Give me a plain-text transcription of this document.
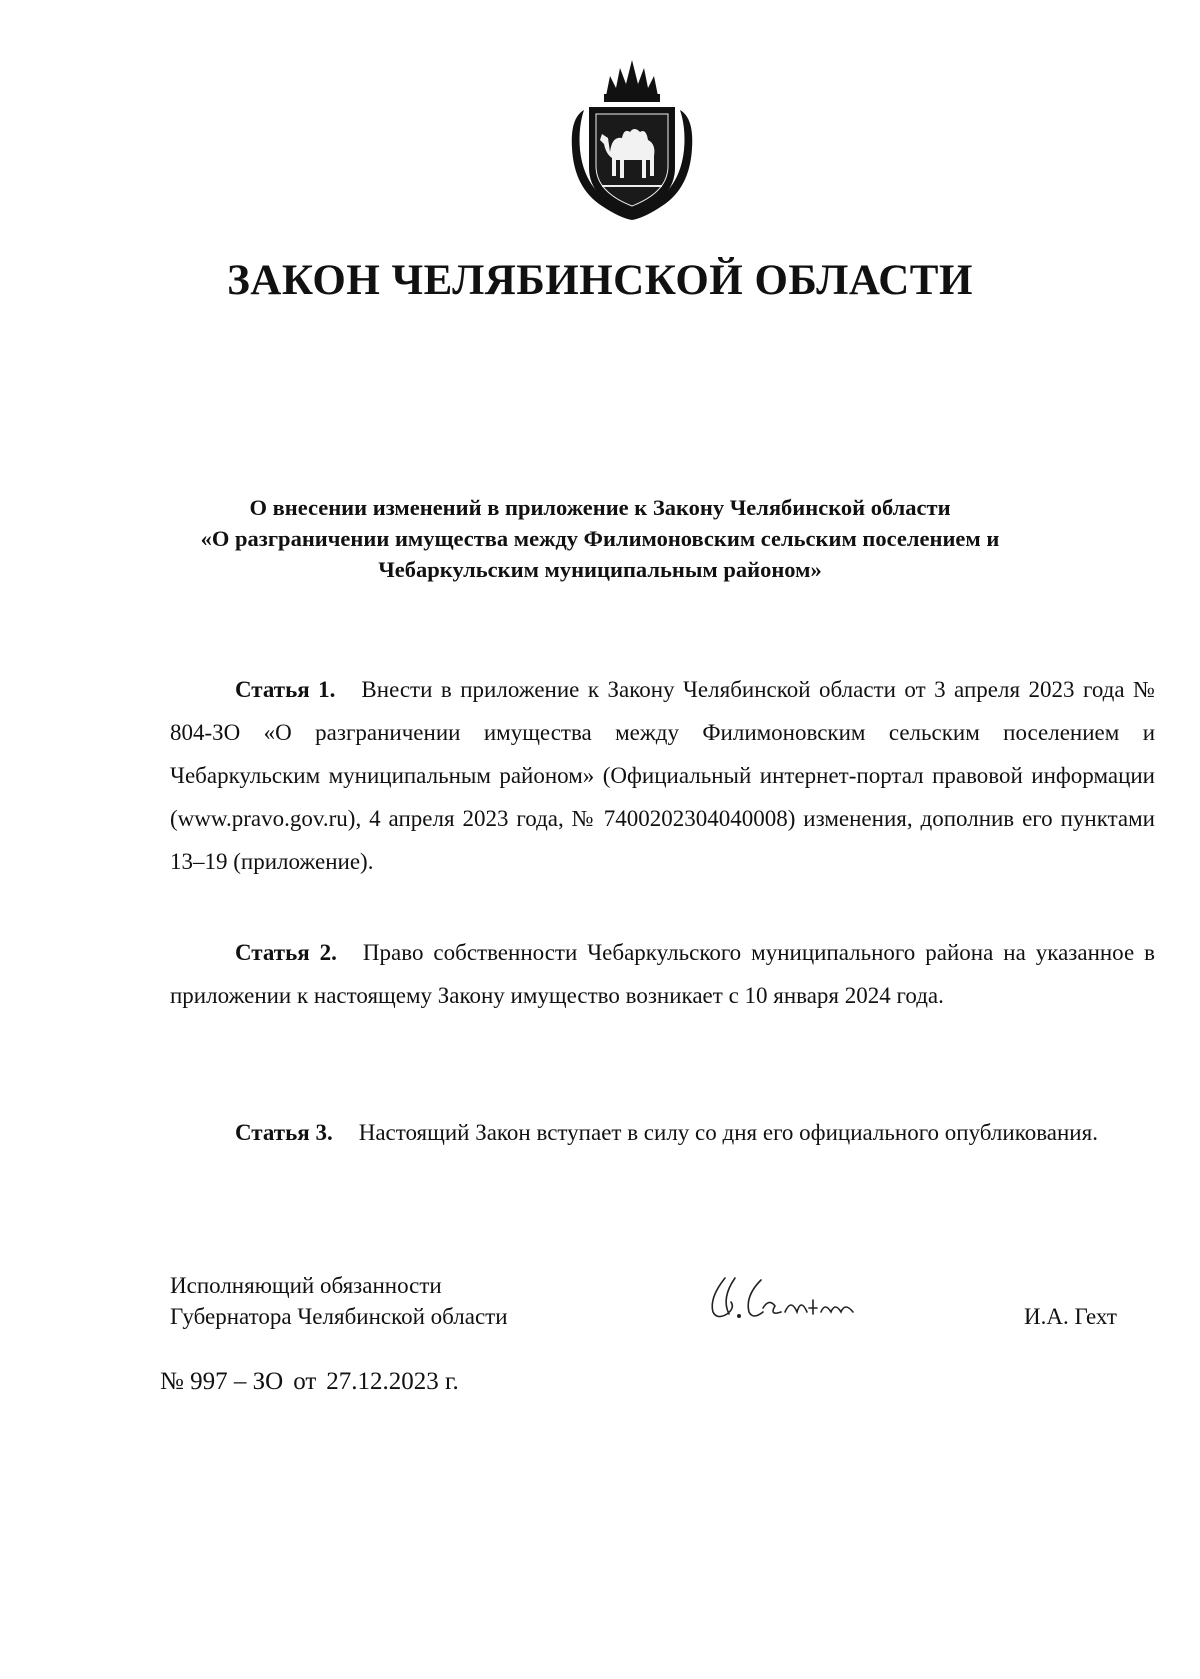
ЗАКОН ЧЕЛЯБИНСКОЙ ОБЛАСТИ
О внесении изменений в приложение к Закону Челябинской области
«О разграничении имущества между Филимоновским сельским поселением и
Чебаркульским муниципальным районом»
Статья 1. Внести в приложение к Закону Челябинской области от 3 апреля 2023 года № 804-ЗО «О разграничении имущества между Филимоновским сельским поселением и Чебаркульским муниципальным районом» (Официальный интернет-портал правовой информации (www.pravo.gov.ru), 4 апреля 2023 года, № 7400202304040008) изменения, дополнив его пунктами 13–19 (приложение).
Статья 2. Право собственности Чебаркульского муниципального района на указанное в приложении к настоящему Закону имущество возникает с 10 января 2024 года.
Статья 3. Настоящий Закон вступает в силу со дня его официального опубликования.
Исполняющий обязанности
Губернатора Челябинской области	И.А. Гехт
№ 997 – ЗО от 27.12.2023 г.
